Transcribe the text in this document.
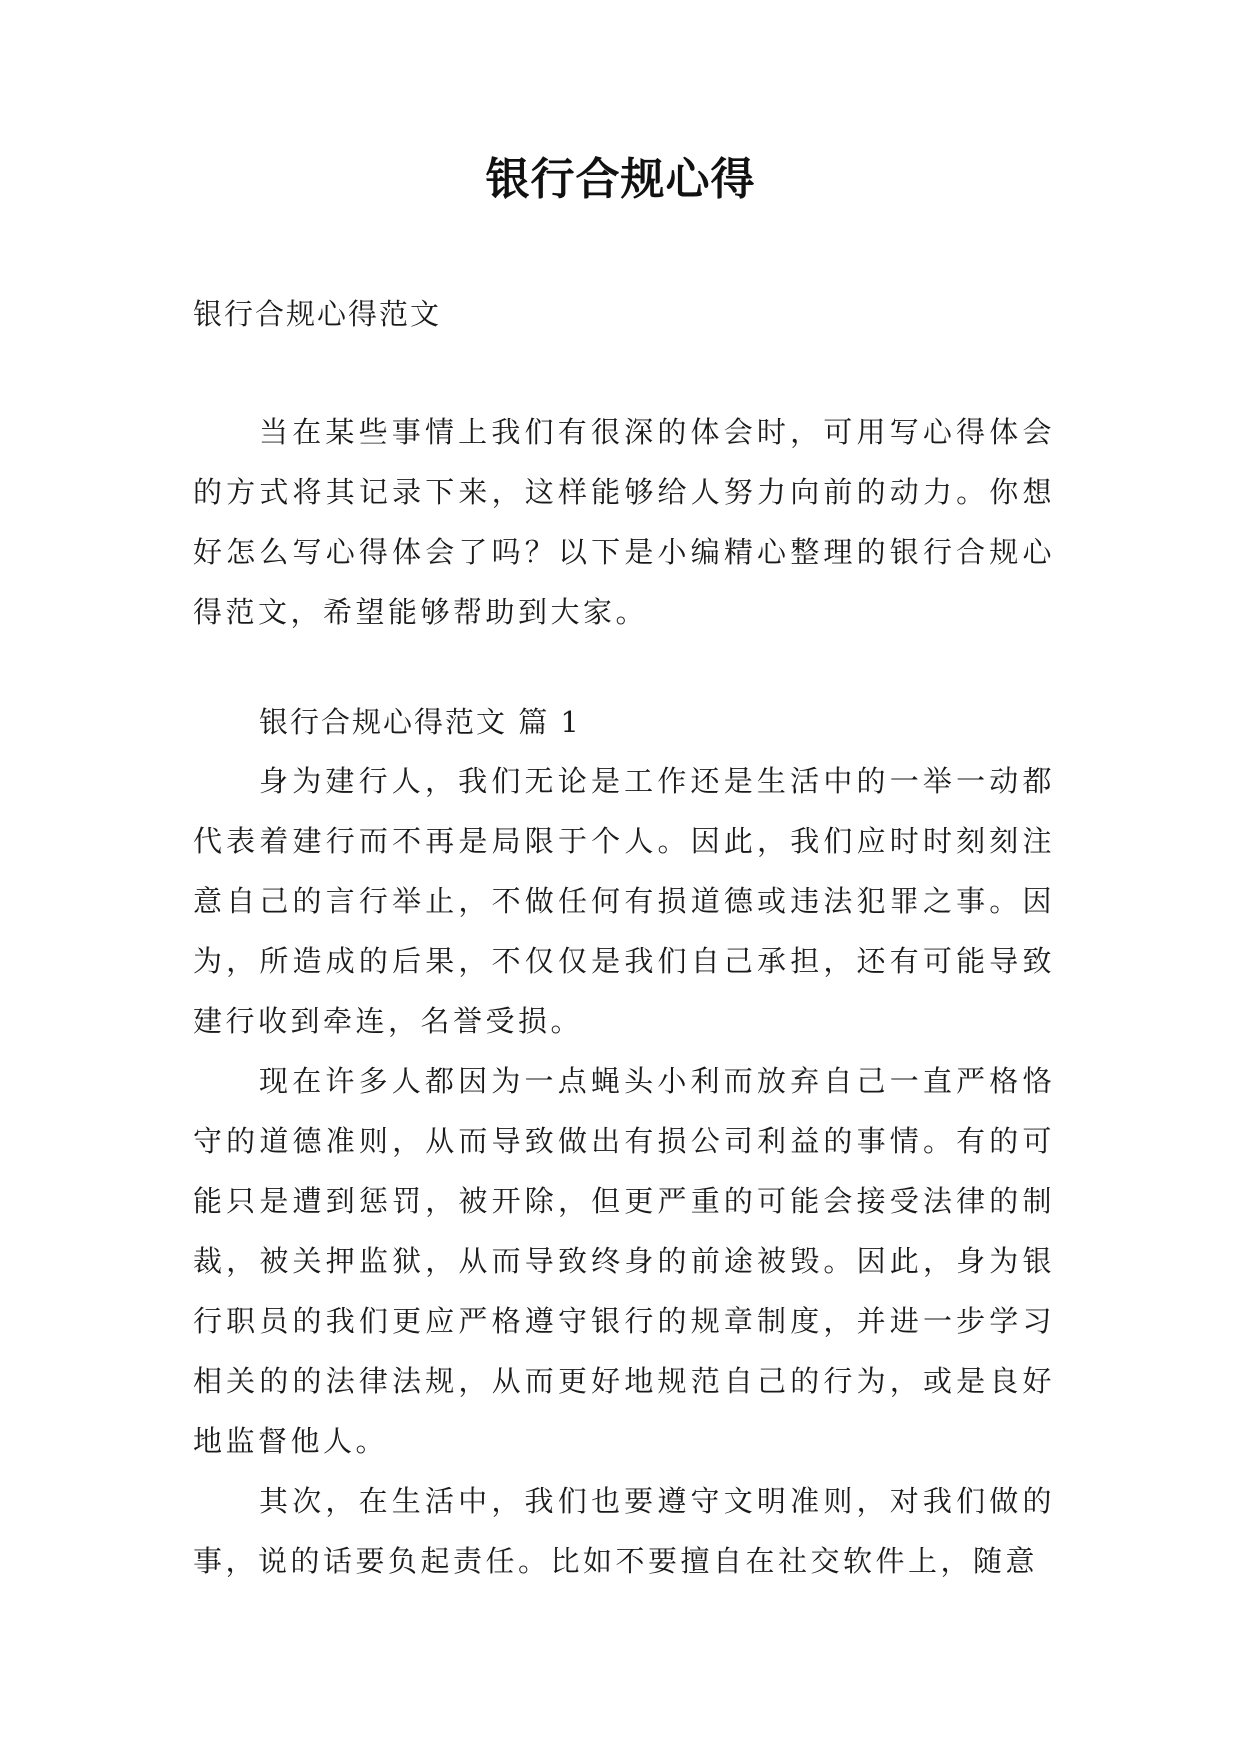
银行合规心得
银行合规心得范文

当在某些事情上我们有很深的体会时，可用写心得体会的方式将其记录下来，这样能够给人努力向前的动力。你想好怎么写心得体会了吗？以下是小编精心整理的银行合规心得范文，希望能够帮助到大家。

银行合规心得范文 篇 1

身为建行人，我们无论是工作还是生活中的一举一动都代表着建行而不再是局限于个人。因此，我们应时时刻刻注意自己的言行举止，不做任何有损道德或违法犯罪之事。因为，所造成的后果，不仅仅是我们自己承担，还有可能导致建行收到牵连，名誉受损。

现在许多人都因为一点蝇头小利而放弃自己一直严格恪守的道德准则，从而导致做出有损公司利益的事情。有的可能只是遭到惩罚，被开除，但更严重的可能会接受法律的制裁，被关押监狱，从而导致终身的前途被毁。因此，身为银行职员的我们更应严格遵守银行的规章制度，并进一步学习相关的的法律法规，从而更好地规范自己的行为，或是良好地监督他人。

其次，在生活中，我们也要遵守文明准则，对我们做的事，说的话要负起责任。比如不要擅自在社交软件上，随意
